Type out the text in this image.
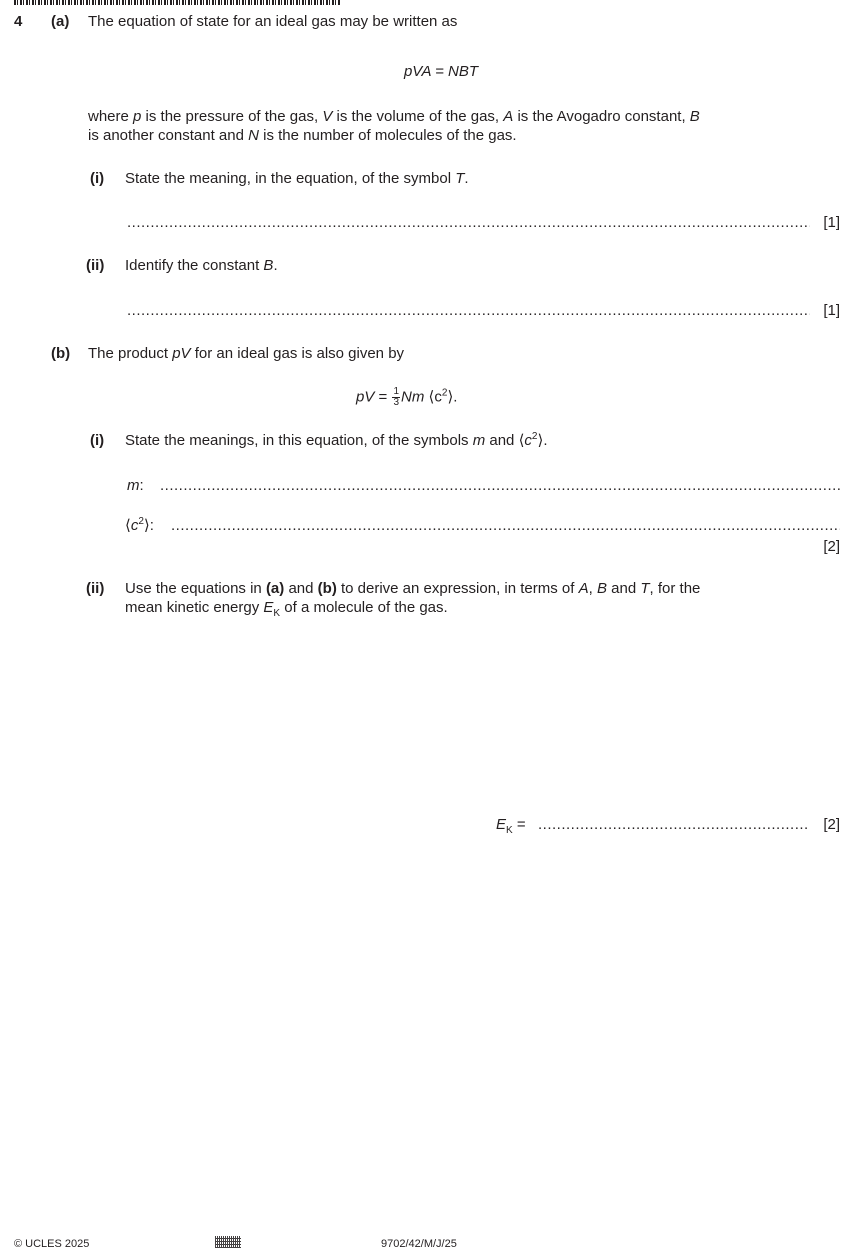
4 (a) The equation of state for an ideal gas may be written as
pVA = NBT
where p is the pressure of the gas, V is the volume of the gas, A is the Avogadro constant, B
is another constant and N is the number of molecules of the gas.
(i) State the meaning, in the equation, of the symbol T.
.....
[1]
(ii) Identify the constant B.
.....
[1]
(b) The product pV for an ideal gas is also given by
pV = $\frac{1}{3}$ Nm $⟨c^2⟩$.
(i) State the meanings, in this equation, of the symbols m and $⟨c^2⟩$.
m:
.....
$⟨c^2⟩$:
.....
[2]
(ii) Use the equations in (a) and (b) to derive an expression, in terms of A, B and T, for the
mean kinetic energy $E_K$ of a molecule of the gas.
$E_K$ =
.....	[2]
© UCLES 2025	9702/42/M/J/25
